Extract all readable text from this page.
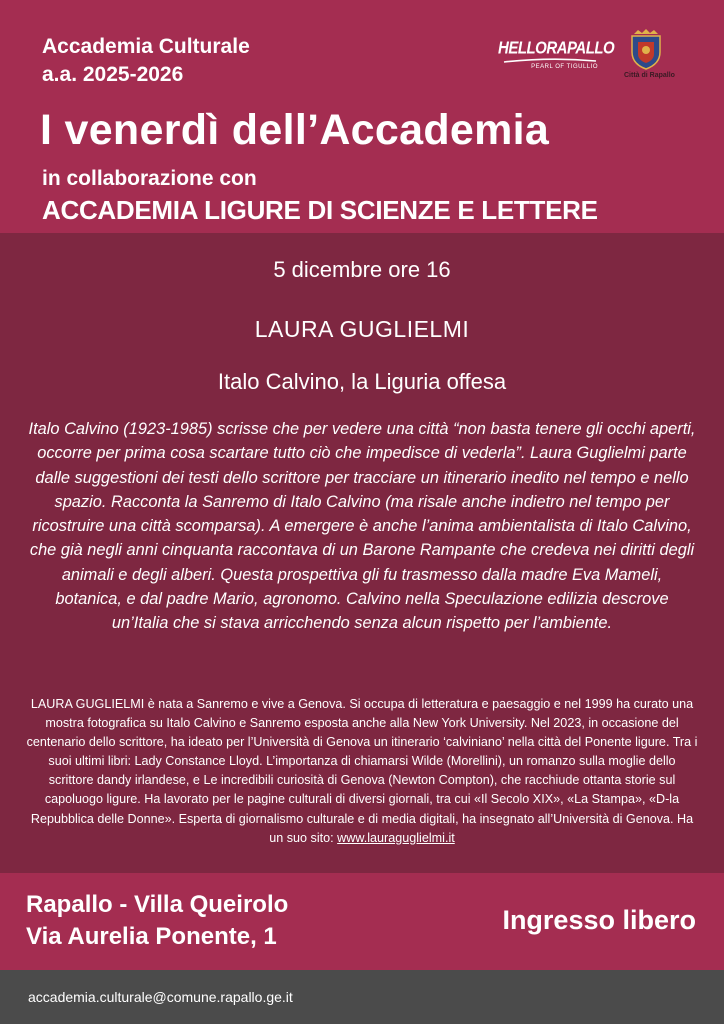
Accademia Culturale
a.a. 2025-2026
HELLORAPALLO
PEARL OF TIGULLIO
Città di Rapallo
I venerdì dell’Accademia
in collaborazione con
ACCADEMIA LIGURE DI SCIENZE E LETTERE
5 dicembre ore 16
LAURA GUGLIELMI
Italo Calvino, la Liguria offesa
Italo Calvino (1923-1985) scrisse che per vedere una città “non basta tenere gli occhi aperti, occorre per prima cosa scartare tutto ciò che impedisce di vederla”. Laura Guglielmi parte dalle suggestioni dei testi dello scrittore per tracciare un itinerario inedito nel tempo e nello spazio. Racconta la Sanremo di Italo Calvino (ma risale anche indietro nel tempo per ricostruire una città scomparsa). A emergere è anche l’anima ambientalista di Italo Calvino, che già negli anni cinquanta raccontava di un Barone Rampante che credeva nei diritti degli animali e degli alberi. Questa prospettiva gli fu trasmesso dalla madre Eva Mameli, botanica, e dal padre Mario, agronomo. Calvino nella Speculazione edilizia descrove un’Italia che si stava arricchendo senza alcun rispetto per l’ambiente.
LAURA GUGLIELMI è nata a Sanremo e vive a Genova. Si occupa di letteratura e paesaggio e nel 1999 ha curato una mostra fotografica su Italo Calvino e Sanremo esposta anche alla New York University. Nel 2023, in occasione del centenario dello scrittore, ha ideato per l’Università di Genova un itinerario ‘calviniano’ nella città del Ponente ligure. Tra i suoi ultimi libri: Lady Constance Lloyd. L’importanza di chiamarsi Wilde (Morellini), un romanzo sulla moglie dello scrittore dandy irlandese, e Le incredibili curiosità di Genova (Newton Compton), che racchiude ottanta storie sul capoluogo ligure. Ha lavorato per le pagine culturali di diversi giornali, tra cui «Il Secolo XIX», «La Stampa», «D-la Repubblica delle Donne». Esperta di giornalismo culturale e di media digitali, ha insegnato all’Università di Genova. Ha un suo sito: www.lauraguglielmi.it
Rapallo - Villa Queirolo
Via Aurelia Ponente, 1
Ingresso libero
accademia.culturale@comune.rapallo.ge.it
